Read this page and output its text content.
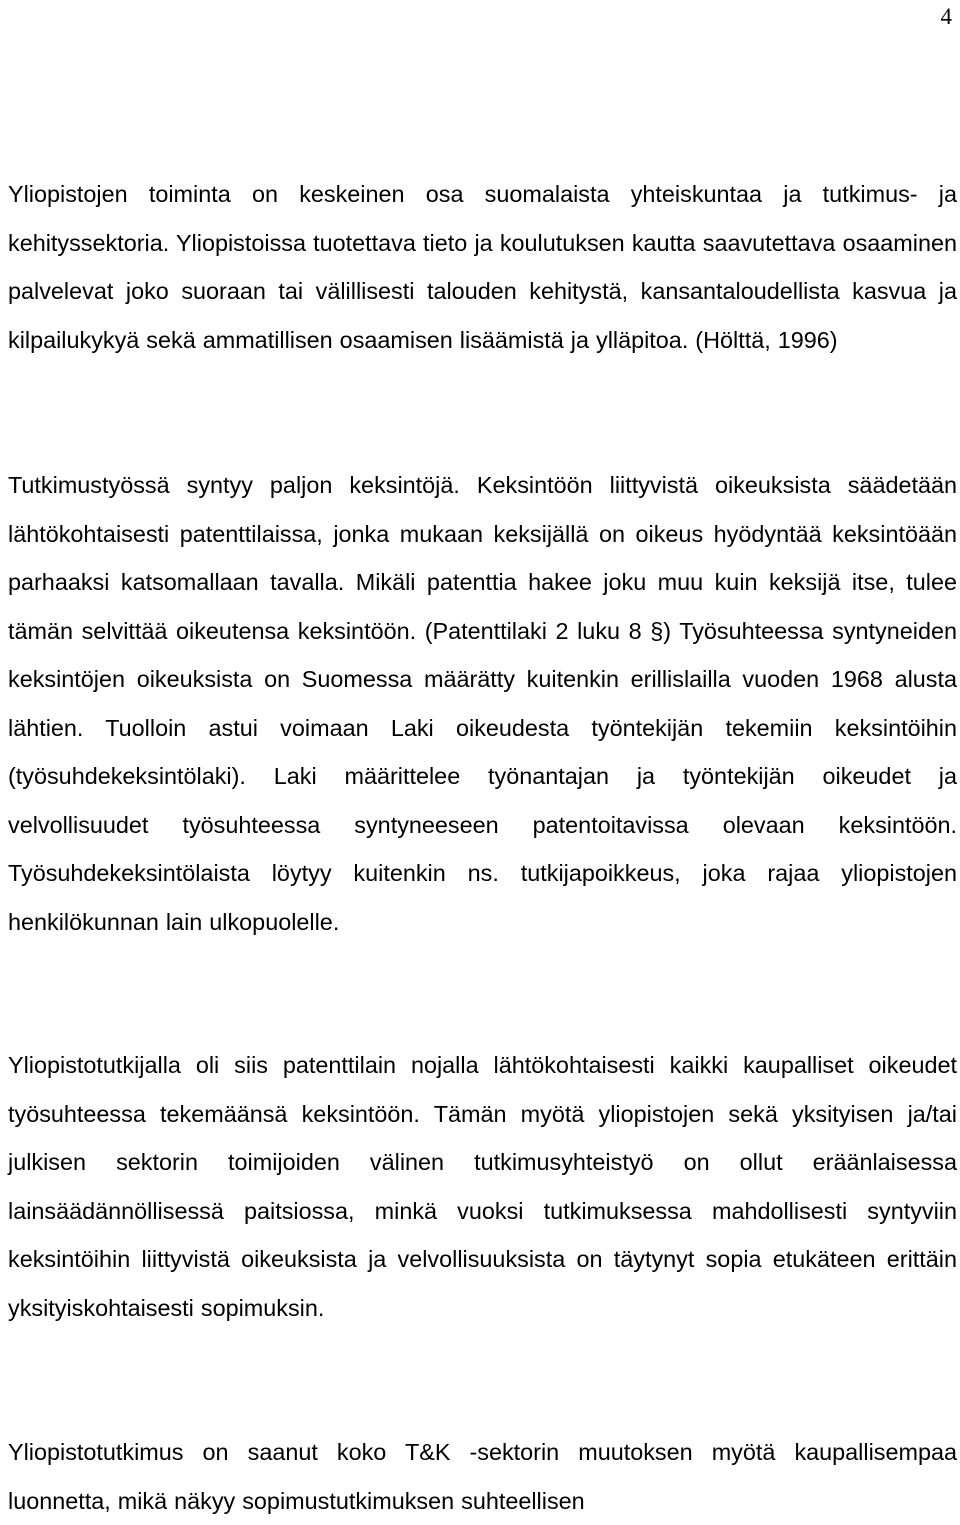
4

Yliopistojen toiminta on keskeinen osa suomalaista yhteiskuntaa ja tutkimus- ja kehityssektoria. Yliopistoissa tuotettava tieto ja koulutuksen kautta saavutettava osaaminen palvelevat joko suoraan tai välillisesti talouden kehitystä, kansantaloudellista kasvua ja kilpailukykyä sekä ammatillisen osaamisen lisäämistä ja ylläpitoa. (Hölttä, 1996)

Tutkimustyössä syntyy paljon keksintöjä. Keksintöön liittyvistä oikeuksista säädetään lähtökohtaisesti patenttilaissa, jonka mukaan keksijällä on oikeus hyödyntää keksintöään parhaaksi katsomallaan tavalla. Mikäli patenttia hakee joku muu kuin keksijä itse, tulee tämän selvittää oikeutensa keksintöön. (Patenttilaki 2 luku 8 §) Työsuhteessa syntyneiden keksintöjen oikeuksista on Suomessa määrätty kuitenkin erillislailla vuoden 1968 alusta lähtien. Tuolloin astui voimaan Laki oikeudesta työntekijän tekemiin keksintöihin (työsuhdekeksintölaki). Laki määrittelee työnantajan ja työntekijän oikeudet ja velvollisuudet työsuhteessa syntyneeseen patentoitavissa olevaan keksintöön. Työsuhdekeksintölaista löytyy kuitenkin ns. tutkijapoikkeus, joka rajaa yliopistojen henkilökunnan lain ulkopuolelle.

Yliopistotutkijalla oli siis patenttilain nojalla lähtökohtaisesti kaikki kaupalliset oikeudet työsuhteessa tekemäänsä keksintöön. Tämän myötä yliopistojen sekä yksityisen ja/tai julkisen sektorin toimijoiden välinen tutkimusyhteistyö on ollut eräänlaisessa lainsäädännöllisessä paitsiossa, minkä vuoksi tutkimuksessa mahdollisesti syntyviin keksintöihin liittyvistä oikeuksista ja velvollisuuksista on täytynyt sopia etukäteen erittäin yksityiskohtaisesti sopimuksin.

Yliopistotutkimus on saanut koko T&K -sektorin muutoksen myötä kaupallisempaa luonnetta, mikä näkyy sopimustutkimuksen suhteellisen
